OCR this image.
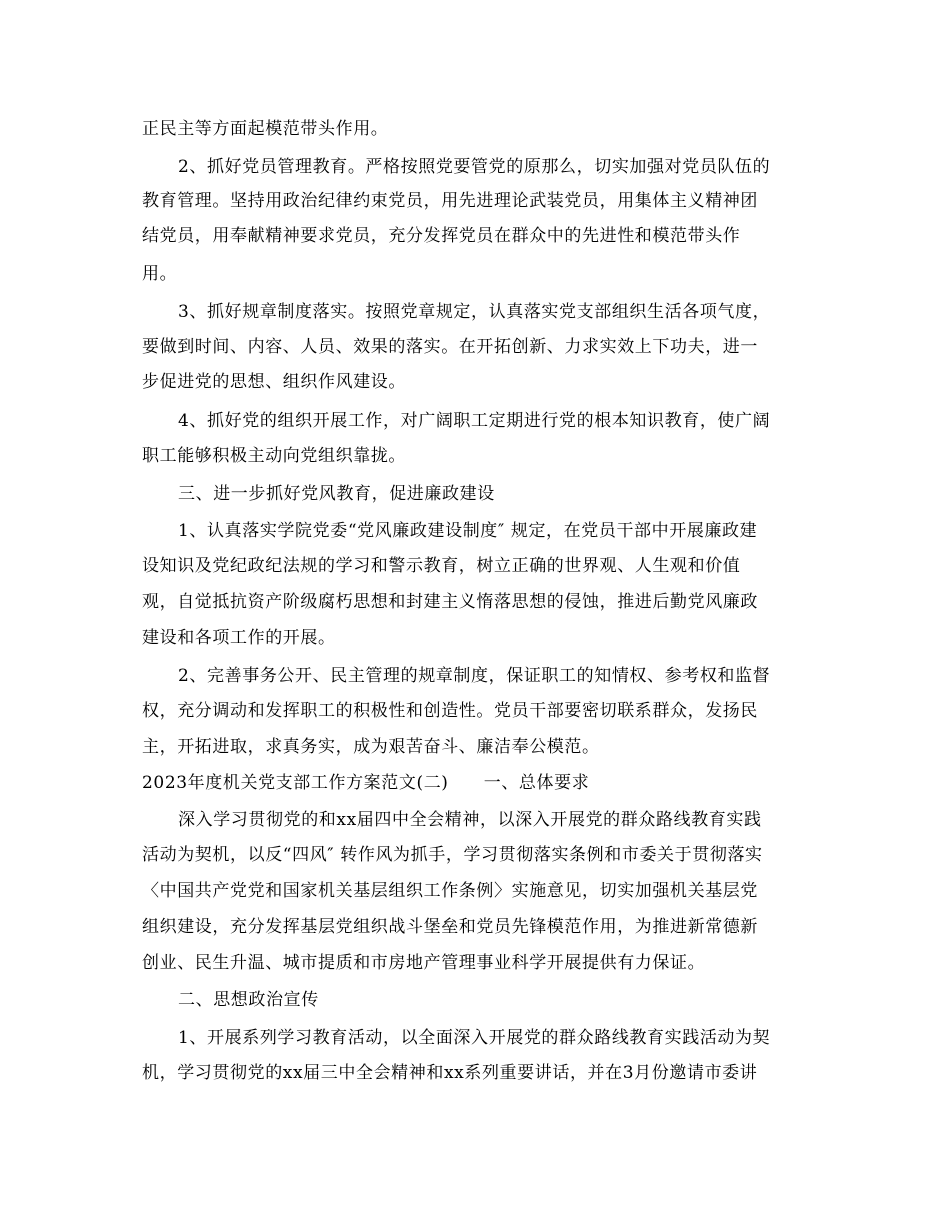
正民主等方面起模范带头作用。
2、抓好党员管理教育。严格按照党要管党的原那么，切实加强对党员队伍的
教育管理。坚持用政治纪律约束党员，用先进理论武装党员，用集体主义精神团
结党员，用奉献精神要求党员，充分发挥党员在群众中的先进性和模范带头作
用。
3、抓好规章制度落实。按照党章规定，认真落实党支部组织生活各项气度，
要做到时间、内容、人员、效果的落实。在开拓创新、力求实效上下功夫，进一
步促进党的思想、组织作风建设。
4、抓好党的组织开展工作，对广阔职工定期进行党的根本知识教育，使广阔
职工能够积极主动向党组织靠拢。
三、进一步抓好党风教育，促进廉政建设
1、认真落实学院党委“党风廉政建设制度″ 规定，在党员干部中开展廉政建
设知识及党纪政纪法规的学习和警示教育，树立正确的世界观、人生观和价值
观，自觉抵抗资产阶级腐朽思想和封建主义惰落思想的侵蚀，推进后勤党风廉政
建设和各项工作的开展。
2、完善事务公开、民主管理的规章制度，保证职工的知情权、参考权和监督
权，充分调动和发挥职工的积极性和创造性。党员干部要密切联系群众，发扬民
主，开拓进取，求真务实，成为艰苦奋斗、廉洁奉公模范。
2023年度机关党支部工作方案范文(二)　　一、总体要求
深入学习贯彻党的和xx届四中全会精神，以深入开展党的群众路线教育实践
活动为契机，以反“四风″ 转作风为抓手，学习贯彻落实条例和市委关于贯彻落实
〈中国共产党党和国家机关基层组织工作条例〉实施意见，切实加强机关基层党
组织建设，充分发挥基层党组织战斗堡垒和党员先锋模范作用，为推进新常德新
创业、民生升温、城市提质和市房地产管理事业科学开展提供有力保证。
二、思想政治宣传
1、开展系列学习教育活动，以全面深入开展党的群众路线教育实践活动为契
机，学习贯彻党的xx届三中全会精神和xx系列重要讲话，并在3月份邀请市委讲
